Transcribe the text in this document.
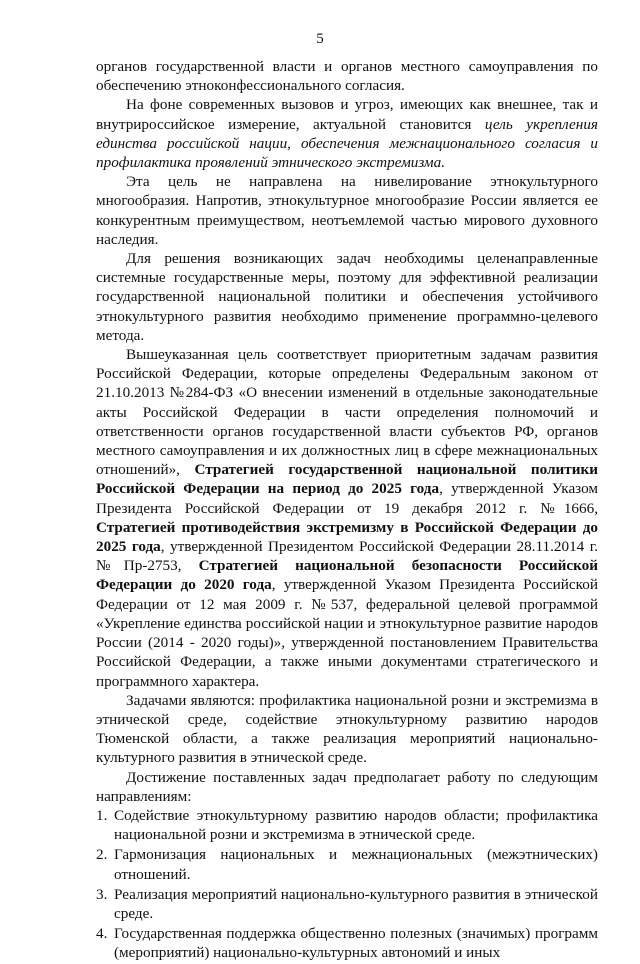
5

органов государственной власти и органов местного самоуправления по обеспечению этноконфессионального согласия.

На фоне современных вызовов и угроз, имеющих как внешнее, так и внутрироссийское измерение, актуальной становится цель укрепления единства российской нации, обеспечения межнационального согласия и профилактика проявлений этнического экстремизма.

Эта цель не направлена на нивелирование этнокультурного многообразия. Напротив, этнокультурное многообразие России является ее конкурентным преимуществом, неотъемлемой частью мирового духовного наследия.

Для решения возникающих задач необходимы целенаправленные системные государственные меры, поэтому для эффективной реализации государственной национальной политики и обеспечения устойчивого этнокультурного развития необходимо применение программно-целевого метода.

Вышеуказанная цель соответствует приоритетным задачам развития Российской Федерации, которые определены Федеральным законом от 21.10.2013 №284-ФЗ «О внесении изменений в отдельные законодательные акты Российской Федерации в части определения полномочий и ответственности органов государственной власти субъектов РФ, органов местного самоуправления и их должностных лиц в сфере межнациональных отношений», Стратегией государственной национальной политики Российской Федерации на период до 2025 года, утвержденной Указом Президента Российской Федерации от 19 декабря 2012 г. №1666, Стратегией противодействия экстремизму в Российской Федерации до 2025 года, утвержденной Президентом Российской Федерации 28.11.2014 г. №Пр-2753, Стратегией национальной безопасности Российской Федерации до 2020 года, утвержденной Указом Президента Российской Федерации от 12 мая 2009 г. №537, федеральной целевой программой «Укрепление единства российской нации и этнокультурное развитие народов России (2014 - 2020 годы)», утвержденной постановлением Правительства Российской Федерации, а также иными документами стратегического и программного характера.

Задачами являются: профилактика национальной розни и экстремизма в этнической среде, содействие этнокультурному развитию народов Тюменской области, а также реализация мероприятий национально-культурного развития в этнической среде.

Достижение поставленных задач предполагает работу по следующим направлениям:

1. Содействие этнокультурному развитию народов области; профилактика национальной розни и экстремизма в этнической среде.
2. Гармонизация национальных и межнациональных (межэтнических) отношений.
3. Реализация мероприятий национально-культурного развития в этнической среде.
4. Государственная поддержка общественно полезных (значимых) программ (мероприятий) национально-культурных автономий и иных
